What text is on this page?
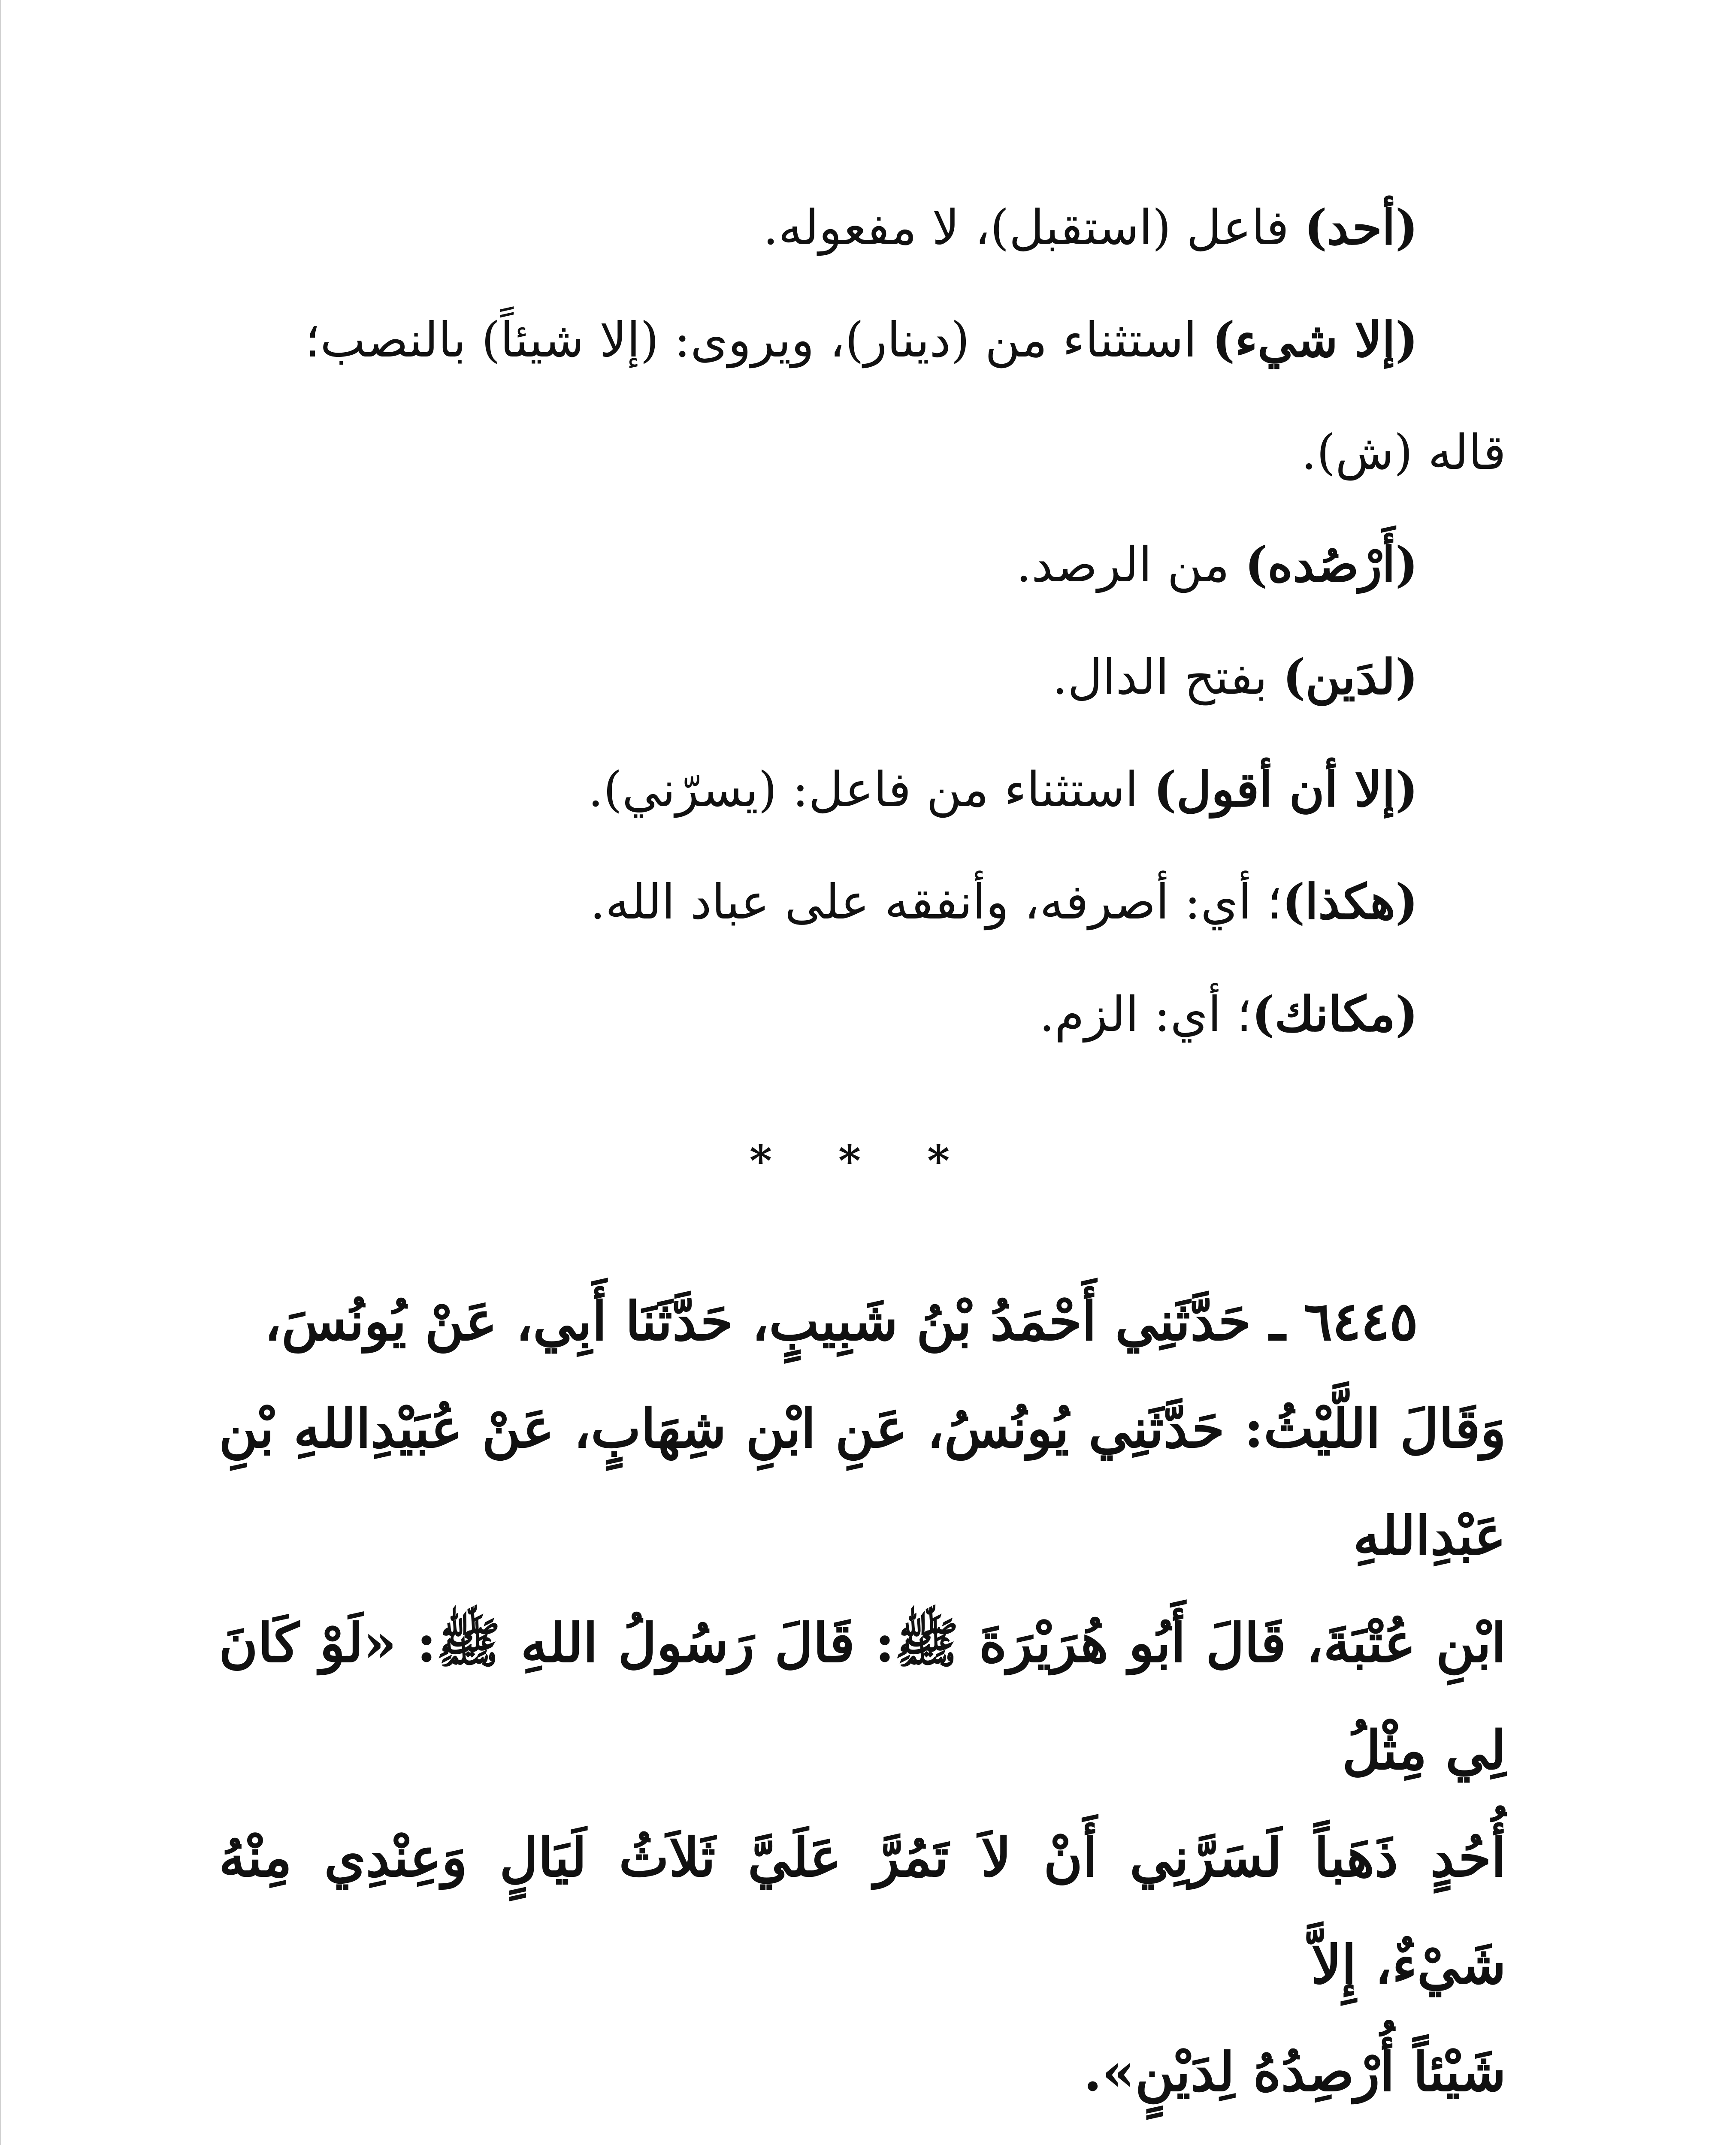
(أحد) فاعل (استقبل)، لا مفعوله.
(إلا شيء) استثناء من (دينار)، ويروى: (إلا شيئاً) بالنصب؛
قاله (ش).
(أَرْصُده) من الرصد.
(لدَين) بفتح الدال.
(إلا أن أقول) استثناء من فاعل: (يسرّني).
(هكذا)؛ أي: أصرفه، وأنفقه على عباد الله.
(مكانك)؛ أي: الزم.
* * *
٦٤٤٥ ـ حَدَّثَنِي أَحْمَدُ بْنُ شَبِيبٍ، حَدَّثَنَا أَبِي، عَنْ يُونُسَ،
وَقَالَ اللَّيْثُ: حَدَّثَنِي يُونُسُ، عَنِ ابْنِ شِهَابٍ، عَنْ عُبَيْدِاللهِ بْنِ عَبْدِاللهِ
ابْنِ عُتْبَةَ، قَالَ أَبُو هُرَيْرَةَ ﷺ: قَالَ رَسُولُ اللهِ ﷺ: «لَوْ كَانَ لِي مِثْلُ
أُحُدٍ ذَهَباً لَسَرَّنِي أَنْ لاَ تَمُرَّ عَلَيَّ ثَلاَثُ لَيَالٍ وَعِنْدِي مِنْهُ شَيْءٌ، إِلاَّ
شَيْئاً أُرْصِدُهُ لِدَيْنٍ».
